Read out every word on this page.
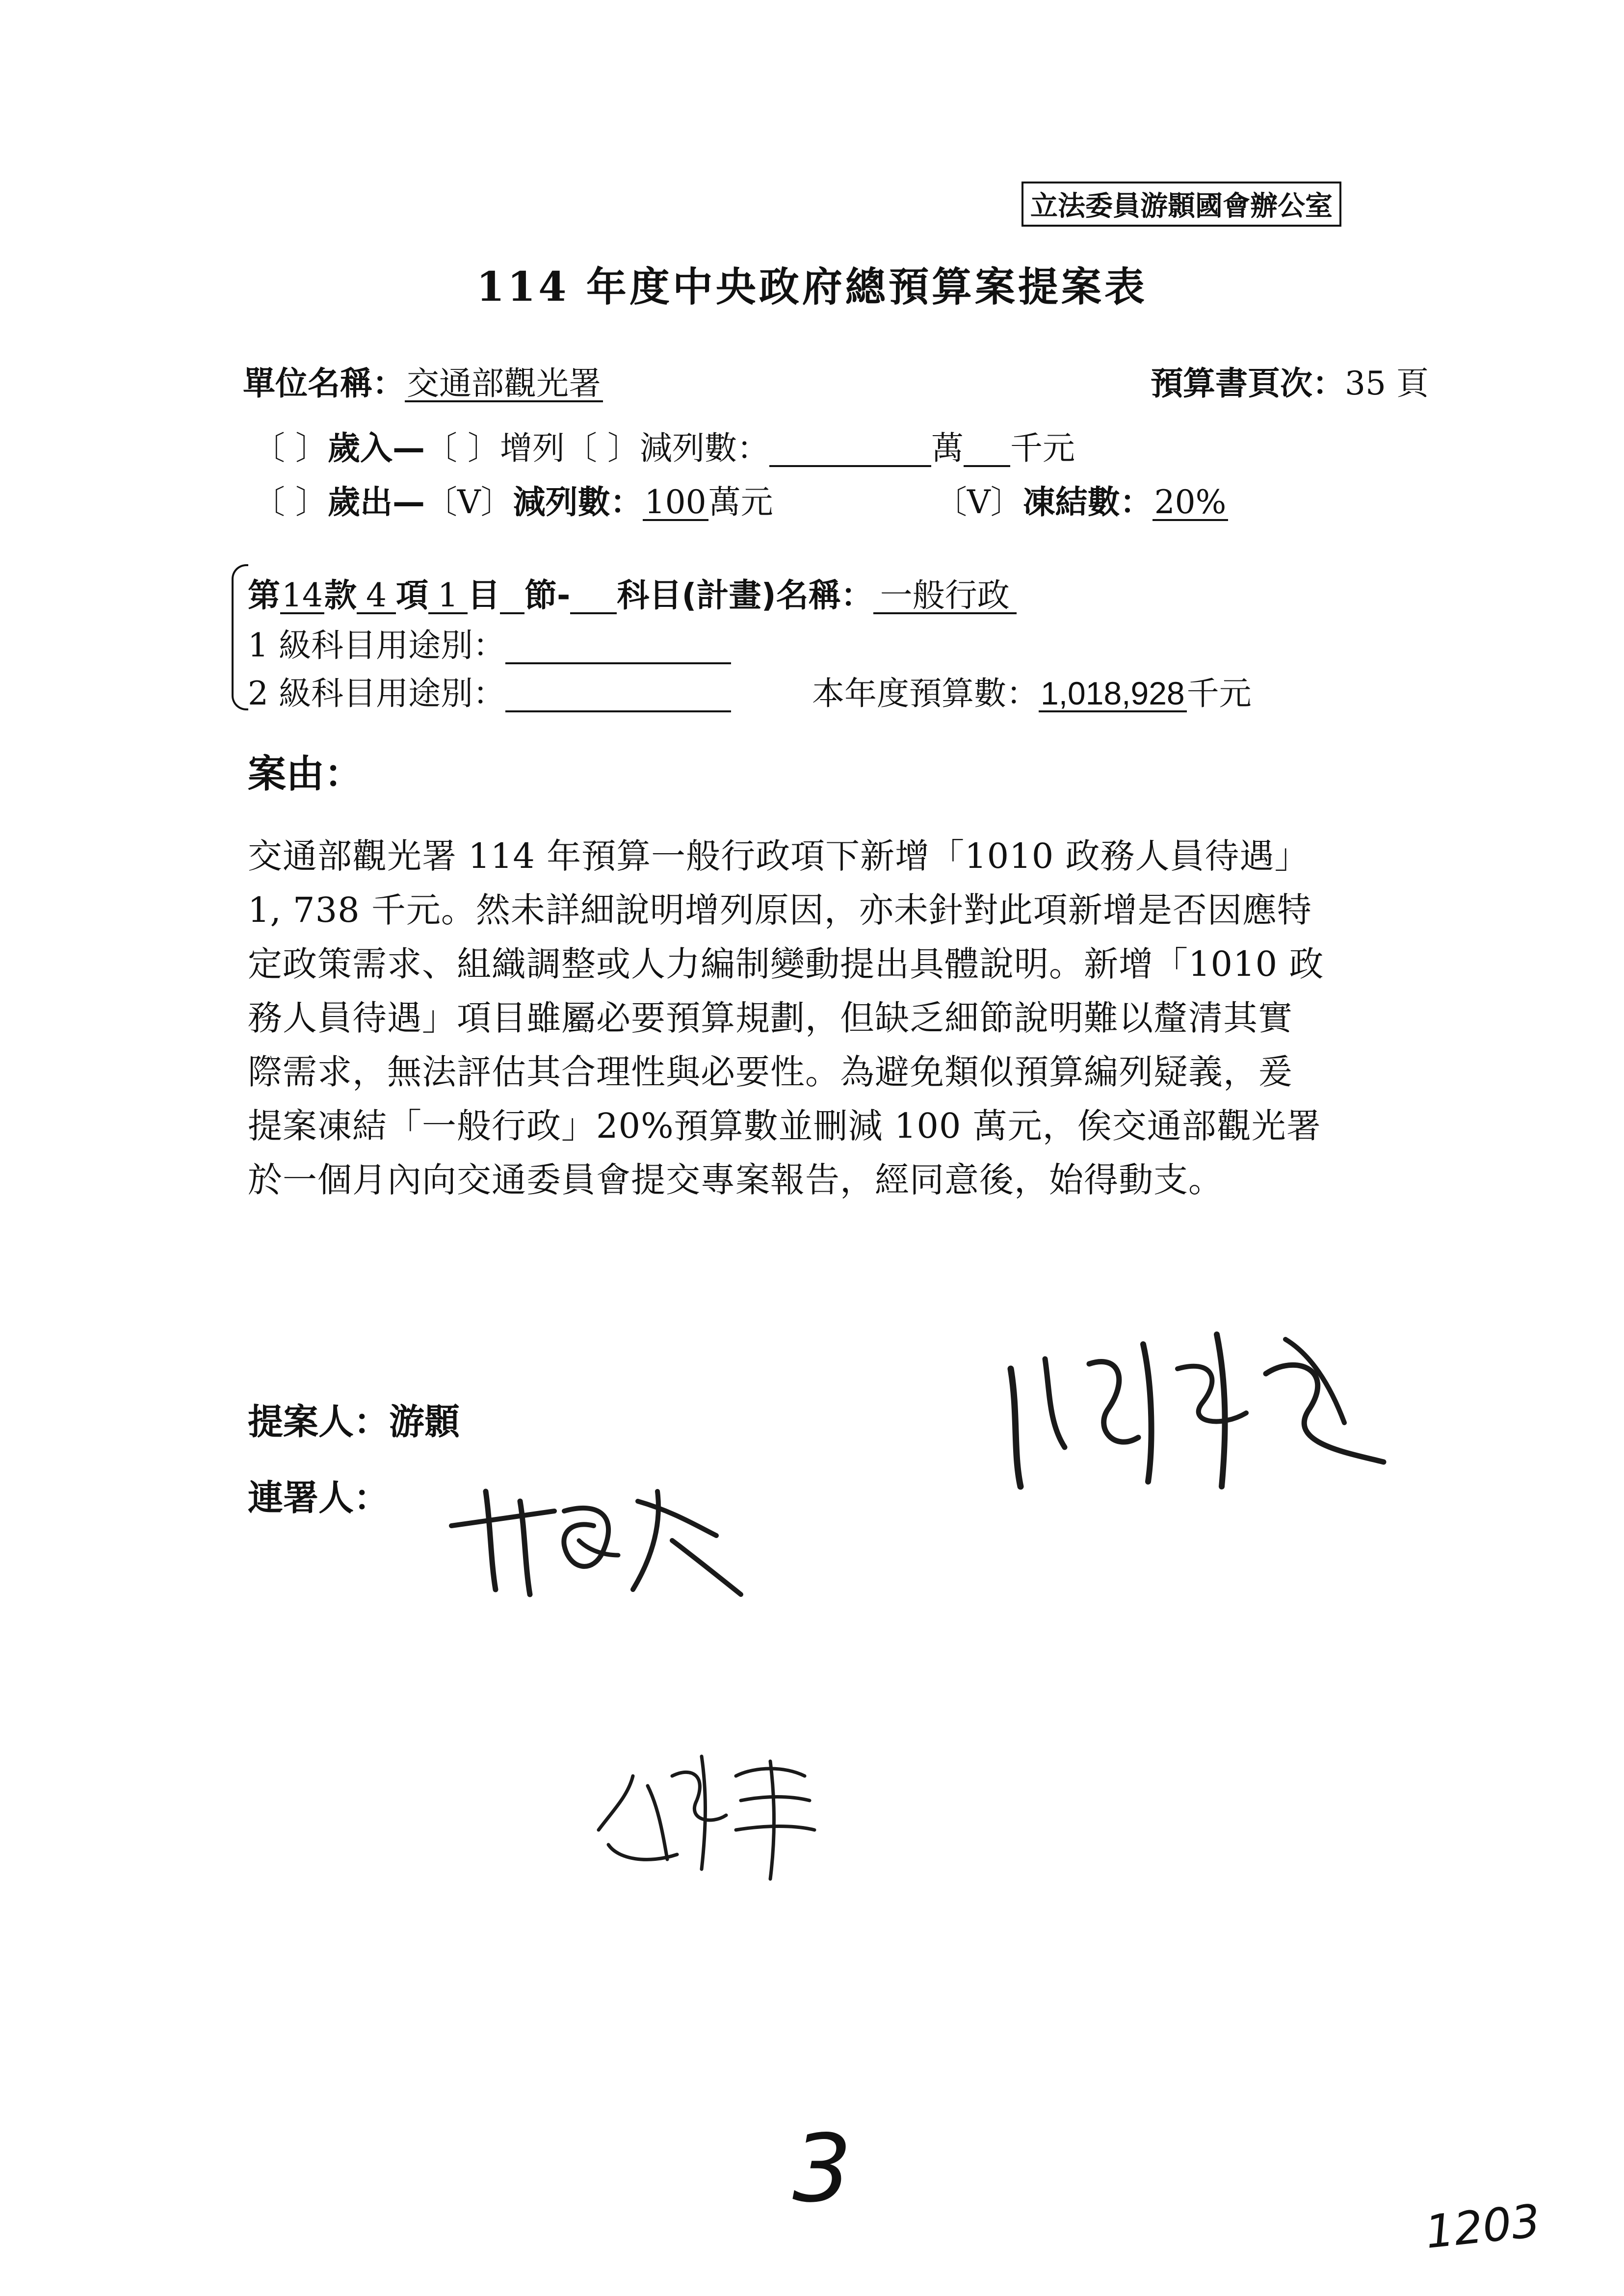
立法委員游顥國會辦公室
114 年度中央政府總預算案提案表
單位名稱：交通部觀光署	預算書頁次：35 頁
〔 〕歲入—〔 〕增列〔 〕減列數：	萬 千元
〔 〕歲出—〔V〕減列數：100萬元	〔V〕凍結數：20%
第14款 4 項 1 目 節- 科目(計畫)名稱： 一般行政
1 級科目用途別：
2 級科目用途別：	本年度預算數：1,018,928千元
案由：
交通部觀光署 114 年預算一般行政項下新增「1010 政務人員待遇」
1, 738 千元。然未詳細說明增列原因，亦未針對此項新增是否因應特
定政策需求、組織調整或人力編制變動提出具體說明。新增「1010 政
務人員待遇」項目雖屬必要預算規劃，但缺乏細節說明難以釐清其實
際需求，無法評估其合理性與必要性。為避免類似預算編列疑義，爰
提案凍結「一般行政」20%預算數並刪減 100 萬元，俟交通部觀光署
於一個月內向交通委員會提交專案報告，經同意後，始得動支。
提案人：游顥
連署人：
3
1203
